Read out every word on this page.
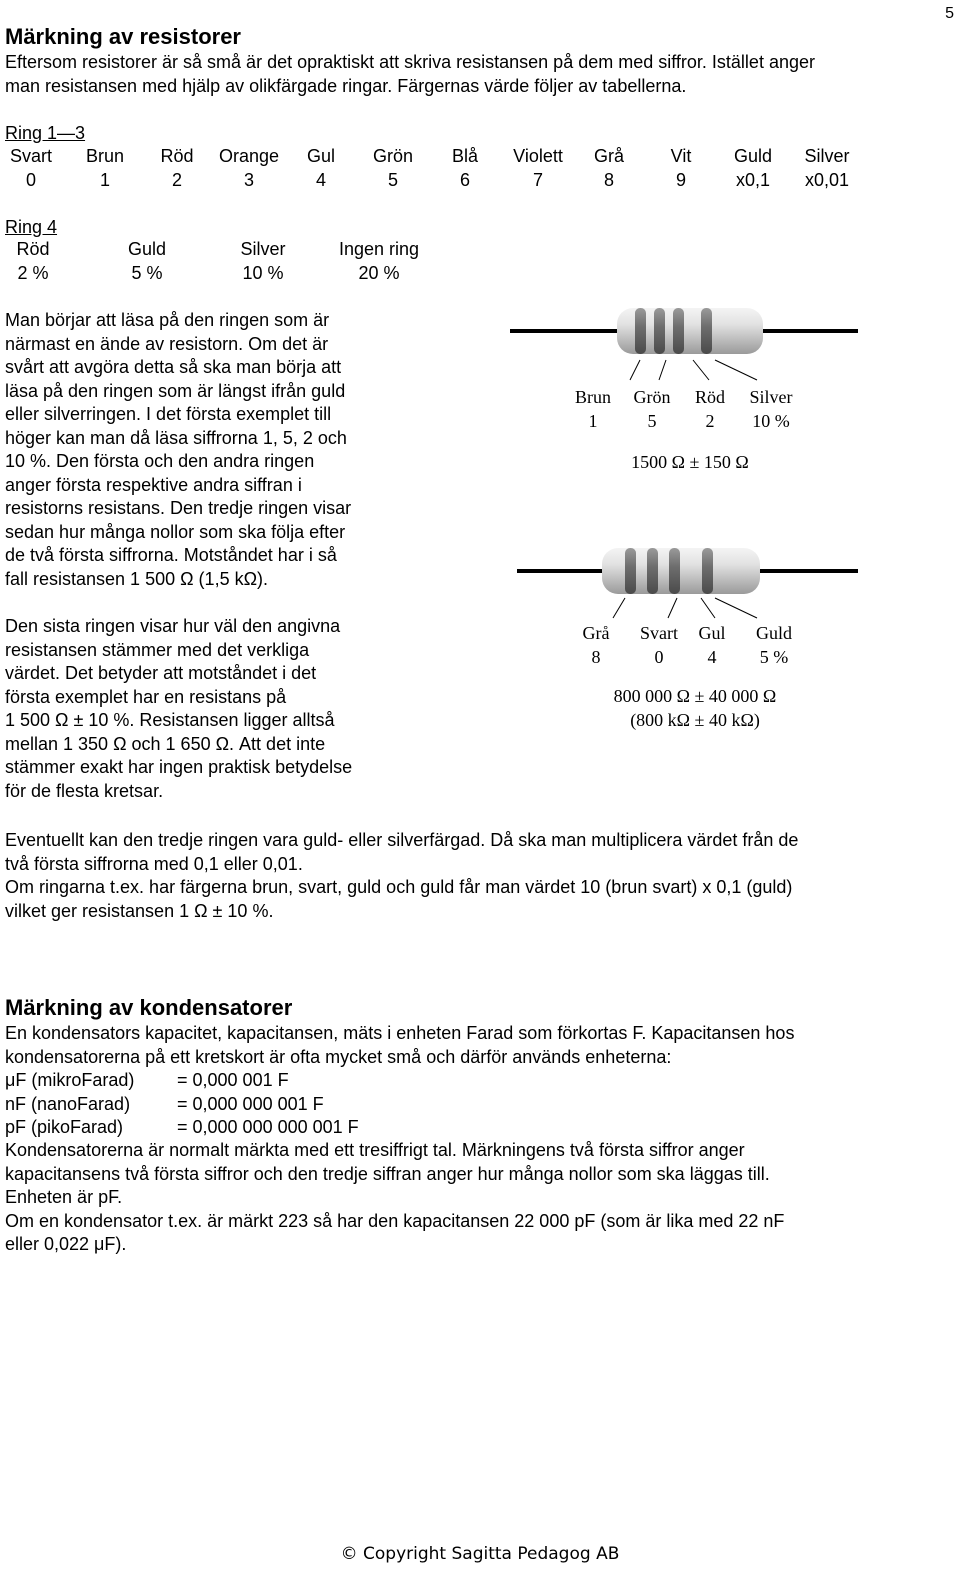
5
Märkning av resistorer
Eftersom resistorer är så små är det opraktiskt att skriva resistansen på dem med siffror. Istället anger
man resistansen med hjälp av olikfärgade ringar. Färgernas värde följer av tabellerna.
Ring 1—3
Svart
0
Brun
1
Röd
2
Orange
3
Gul
4
Grön
5
Blå
6
Violett
7
Grå
8
Vit
9
Guld
x0,1
Silver
x0,01
Ring 4
Röd
2 %
Guld
5 %
Silver
10 %
Ingen ring
20 %
Man börjar att läsa på den ringen som är
närmast en ände av resistorn. Om det är
svårt att avgöra detta så ska man börja att
läsa på den ringen som är längst ifrån guld
eller silverringen. I det första exemplet till
höger kan man då läsa siffrorna 1, 5, 2 och
10 %. Den första och den andra ringen
anger första respektive andra siffran i
resistorns resistans. Den tredje ringen visar
sedan hur många nollor som ska följa efter
de två första siffrorna. Motståndet har i så
fall resistansen 1 500 Ω (1,5 kΩ).
Den sista ringen visar hur väl den angivna
resistansen stämmer med det verkliga
värdet. Det betyder att motståndet i det
första exemplet har en resistans på
1 500 Ω ± 10 %. Resistansen ligger alltså
mellan 1 350 Ω och 1 650 Ω. Att det inte
stämmer exakt har ingen praktisk betydelse
för de flesta kretsar.
Brun
1
Grön
5
Röd
2
Silver
10 %
1500 Ω ± 150 Ω
Grå
8
Svart
0
Gul
4
Guld
5 %
800 000 Ω ± 40 000 Ω
(800 kΩ ± 40 kΩ)
Eventuellt kan den tredje ringen vara guld- eller silverfärgad. Då ska man multiplicera värdet från de
två första siffrorna med 0,1 eller 0,01.
Om ringarna t.ex. har färgerna brun, svart, guld och guld får man värdet 10 (brun svart) x 0,1 (guld)
vilket ger resistansen 1 Ω ± 10 %.
Märkning av kondensatorer
En kondensators kapacitet, kapacitansen, mäts i enheten Farad som förkortas F. Kapacitansen hos
kondensatorerna på ett kretskort är ofta mycket små och därför används enheterna:
μF (mikroFarad) = 0,000 001 F
nF (nanoFarad)	= 0,000 000 001 F
pF (pikoFarad)	= 0,000 000 000 001 F
Kondensatorerna är normalt märkta med ett tresiffrigt tal. Märkningens två första siffror anger
kapacitansens två första siffror och den tredje siffran anger hur många nollor som ska läggas till.
Enheten är pF.
Om en kondensator t.ex. är märkt 223 så har den kapacitansen 22 000 pF (som är lika med 22 nF
eller 0,022 μF).
© Copyright Sagitta Pedagog AB
